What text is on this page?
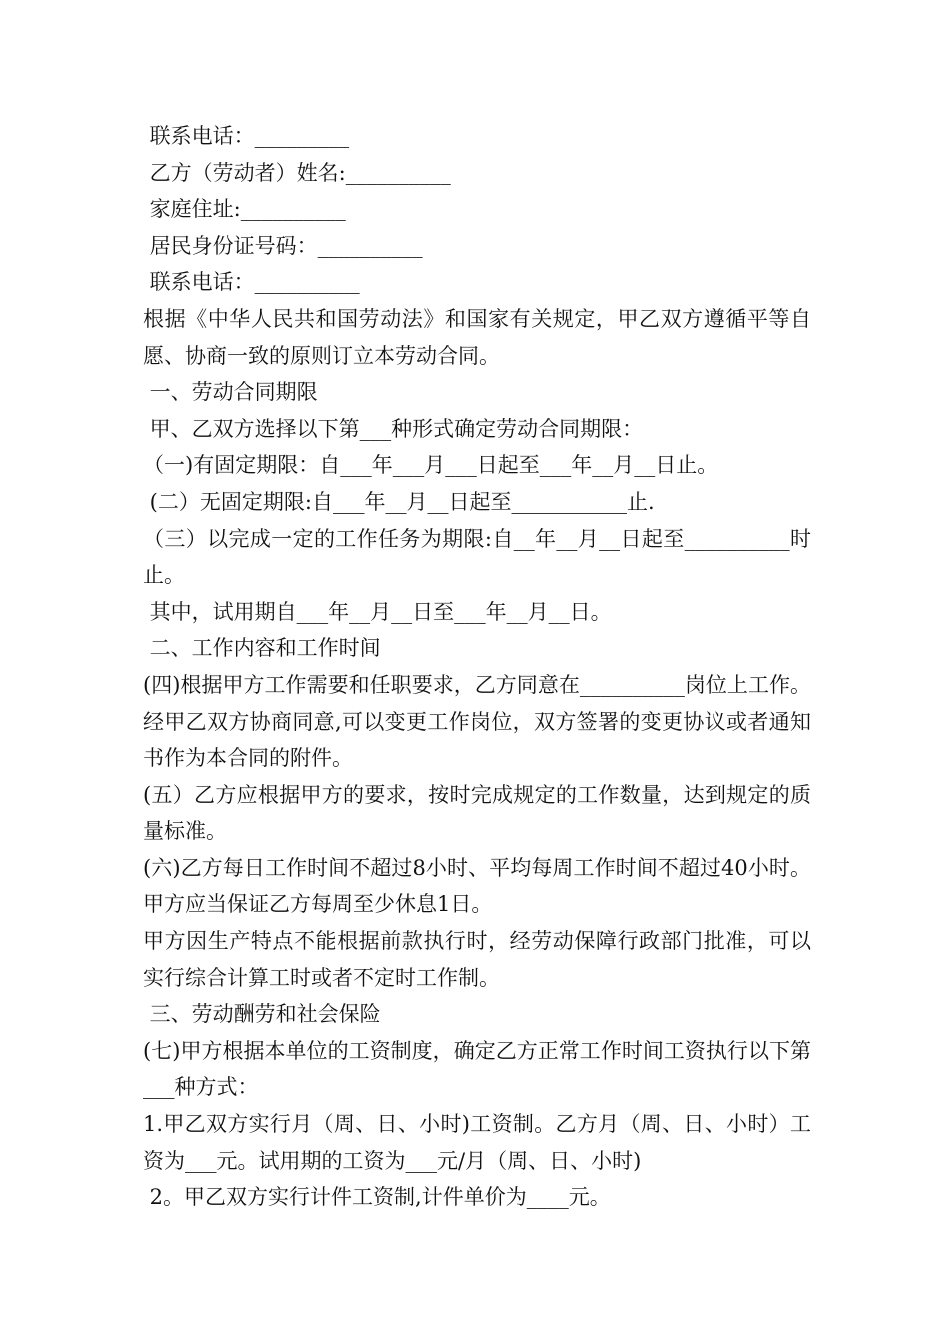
联系电话：_________
乙方（劳动者）姓名:__________
家庭住址:__________
居民身份证号码：__________
联系电话：__________
根据《中华人民共和国劳动法》和国家有关规定，甲乙双方遵循平等自愿、协商一致的原则订立本劳动合同。
一、劳动合同期限
甲、乙双方选择以下第___种形式确定劳动合同期限：
（一)有固定期限：自___年___月___日起至___年__月__日止。
(二）无固定期限:自___年__月__日起至___________止.
（三）以完成一定的工作任务为期限:自__年__月__日起至__________时止。
其中，试用期自___年__月__日至___年__月__日。
二、工作内容和工作时间
(四)根据甲方工作需要和任职要求，乙方同意在__________岗位上工作。经甲乙双方协商同意,可以变更工作岗位，双方签署的变更协议或者通知书作为本合同的附件。
(五）乙方应根据甲方的要求，按时完成规定的工作数量，达到规定的质量标准。
(六)乙方每日工作时间不超过8小时、平均每周工作时间不超过40小时。甲方应当保证乙方每周至少休息1日。
甲方因生产特点不能根据前款执行时，经劳动保障行政部门批准，可以实行综合计算工时或者不定时工作制。
三、劳动酬劳和社会保险
(七)甲方根据本单位的工资制度，确定乙方正常工作时间工资执行以下第___种方式：
1.甲乙双方实行月（周、日、小时)工资制。乙方月（周、日、小时）工资为___元。试用期的工资为___元/月（周、日、小时)
2。甲乙双方实行计件工资制,计件单价为____元。
